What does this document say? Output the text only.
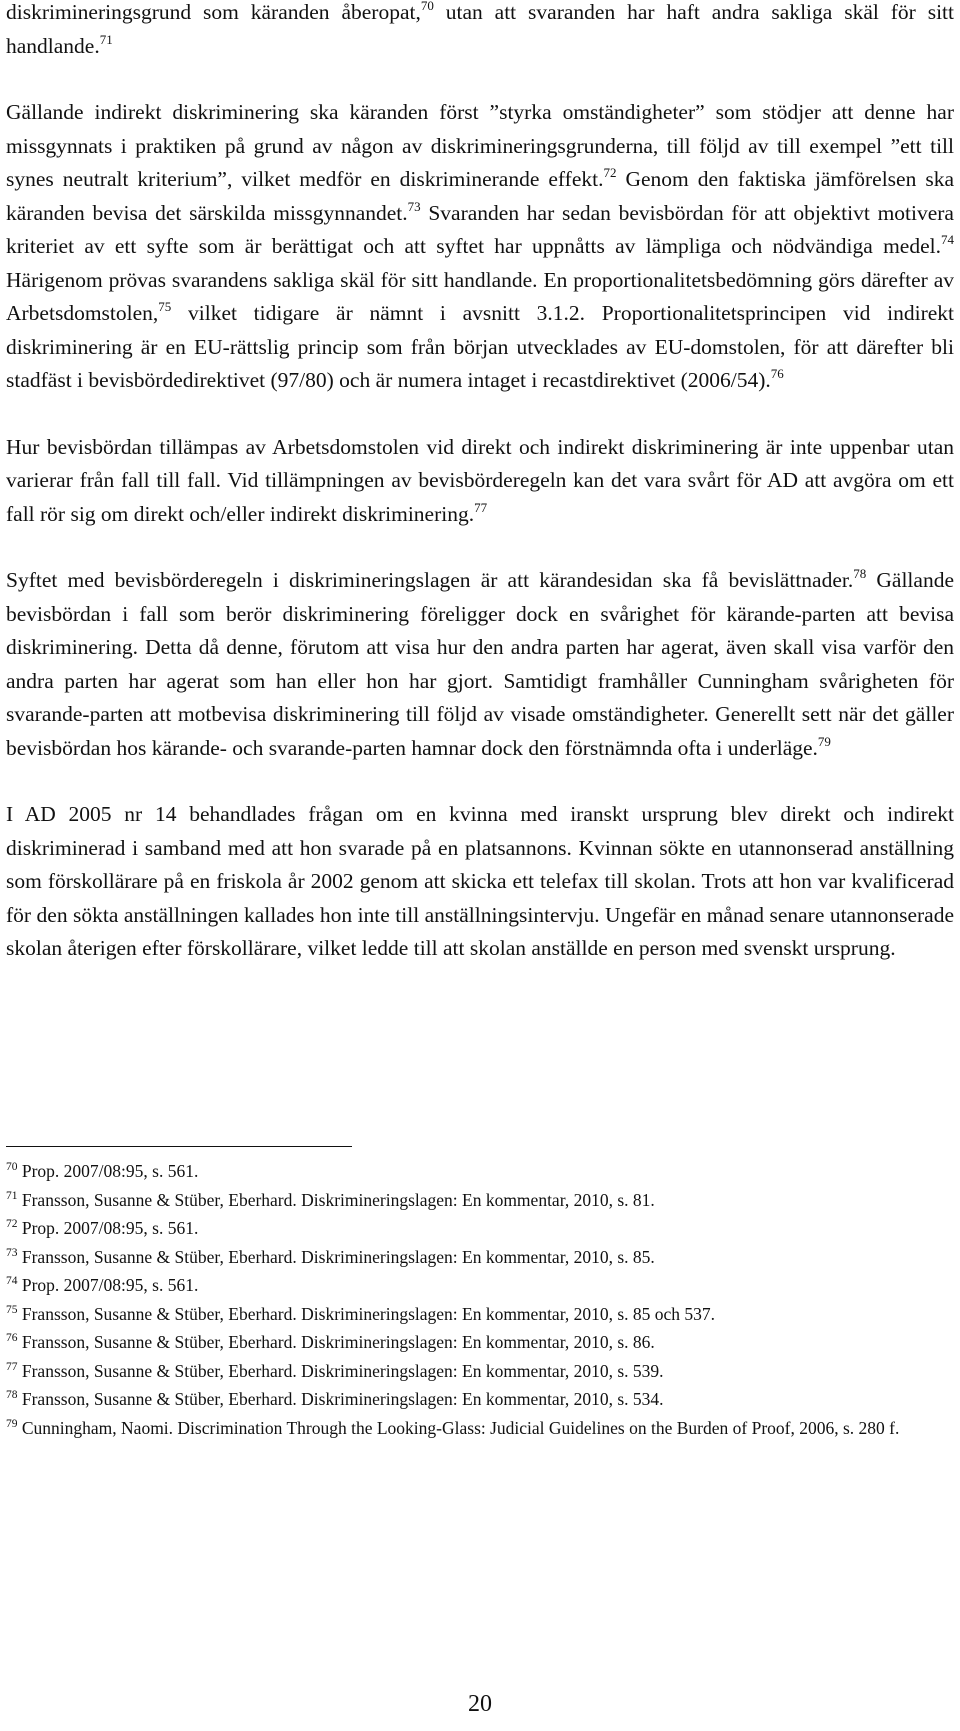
diskrimineringsgrund som käranden åberopat,$^{70}$ utan att svaranden har haft andra sakliga skäl för sitt handlande.$^{71}$

Gällande indirekt diskriminering ska käranden först ”styrka omständigheter” som stödjer att denne har missgynnats i praktiken på grund av någon av diskrimineringsgrunderna, till följd av till exempel ”ett till synes neutralt kriterium”, vilket medför en diskriminerande effekt.$^{72}$ Genom den faktiska jämförelsen ska käranden bevisa det särskilda missgynnandet.$^{73}$ Svaranden har sedan bevisbördan för att objektivt motivera kriteriet av ett syfte som är berättigat och att syftet har uppnåtts av lämpliga och nödvändiga medel.$^{74}$ Härigenom prövas svarandens sakliga skäl för sitt handlande. En proportionalitetsbedömning görs därefter av Arbetsdomstolen,$^{75}$ vilket tidigare är nämnt i avsnitt 3.1.2. Proportionalitetsprincipen vid indirekt diskriminering är en EU-rättslig princip som från början utvecklades av EU-domstolen, för att därefter bli stadfäst i bevisbördedirektivet (97/80) och är numera intaget i recastdirektivet (2006/54).$^{76}$

Hur bevisbördan tillämpas av Arbetsdomstolen vid direkt och indirekt diskriminering är inte uppenbar utan varierar från fall till fall. Vid tillämpningen av bevisbörderegeln kan det vara svårt för AD att avgöra om ett fall rör sig om direkt och/eller indirekt diskriminering.$^{77}$

Syftet med bevisbörderegeln i diskrimineringslagen är att kärandesidan ska få bevislättnader.$^{78}$ Gällande bevisbördan i fall som berör diskriminering föreligger dock en svårighet för kärande-parten att bevisa diskriminering. Detta då denne, förutom att visa hur den andra parten har agerat, även skall visa varför den andra parten har agerat som han eller hon har gjort. Samtidigt framhåller Cunningham svårigheten för svarande-parten att motbevisa diskriminering till följd av visade omständigheter. Generellt sett när det gäller bevisbördan hos kärande- och svarande-parten hamnar dock den förstnämnda ofta i underläge.$^{79}$

I AD 2005 nr 14 behandlades frågan om en kvinna med iranskt ursprung blev direkt och indirekt diskriminerad i samband med att hon svarade på en platsannons. Kvinnan sökte en utannonserad anställning som förskollärare på en friskola år 2002 genom att skicka ett telefax till skolan. Trots att hon var kvalificerad för den sökta anställningen kallades hon inte till anställningsintervju. Ungefär en månad senare utannonserade skolan återigen efter förskollärare, vilket ledde till att skolan anställde en person med svenskt ursprung.

$^{70}$ Prop. 2007/08:95, s. 561.

$^{71}$ Fransson, Susanne & Stüber, Eberhard. Diskrimineringslagen: En kommentar, 2010, s. 81.

$^{72}$ Prop. 2007/08:95, s. 561.

$^{73}$ Fransson, Susanne & Stüber, Eberhard. Diskrimineringslagen: En kommentar, 2010, s. 85.

$^{74}$ Prop. 2007/08:95, s. 561.

$^{75}$ Fransson, Susanne & Stüber, Eberhard. Diskrimineringslagen: En kommentar, 2010, s. 85 och 537.

$^{76}$ Fransson, Susanne & Stüber, Eberhard. Diskrimineringslagen: En kommentar, 2010, s. 86.

$^{77}$ Fransson, Susanne & Stüber, Eberhard. Diskrimineringslagen: En kommentar, 2010, s. 539.

$^{78}$ Fransson, Susanne & Stüber, Eberhard. Diskrimineringslagen: En kommentar, 2010, s. 534.

$^{79}$ Cunningham, Naomi. Discrimination Through the Looking-Glass: Judicial Guidelines on the Burden of Proof, 2006, s. 280 f.

20
